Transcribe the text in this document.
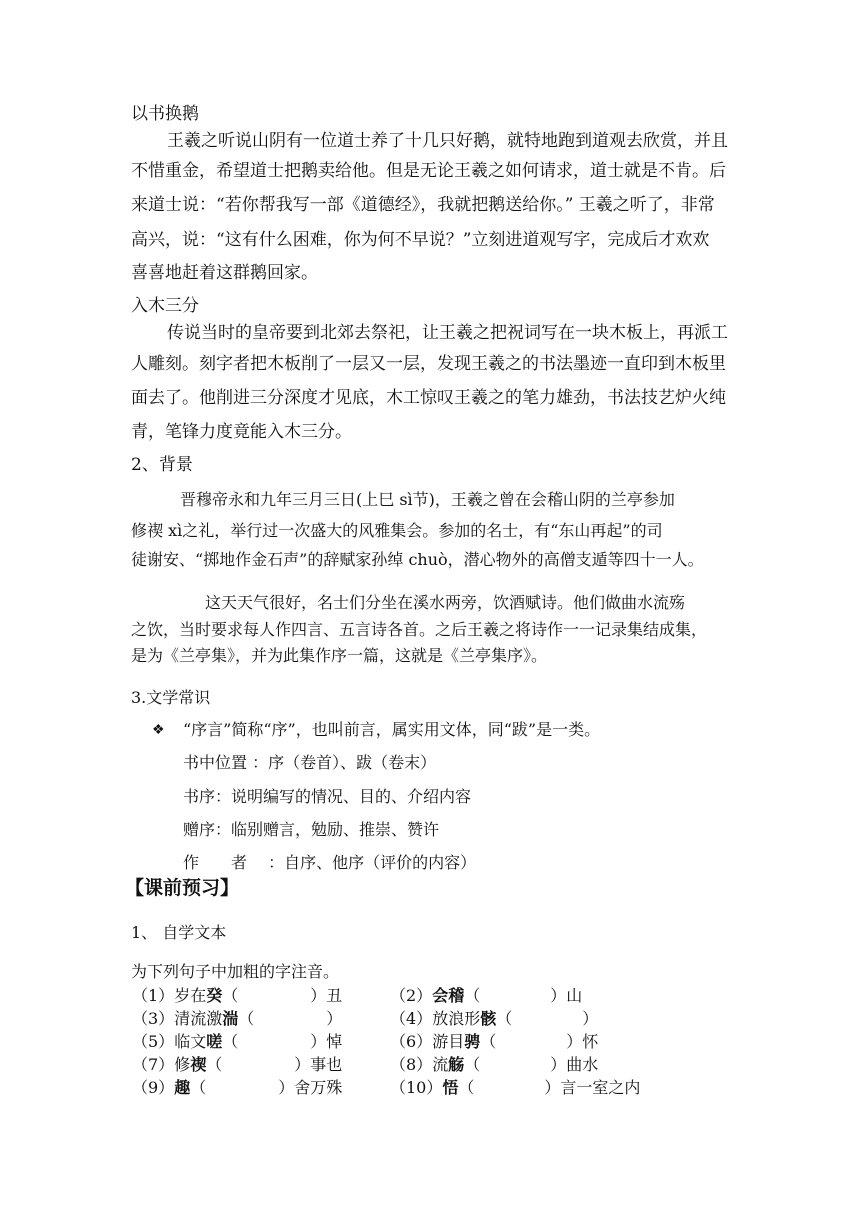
以书换鹅
王羲之听说山阴有一位道士养了十几只好鹅，就特地跑到道观去欣赏，并且
不惜重金，希望道士把鹅卖给他。但是无论王羲之如何请求，道士就是不肯。后
来道士说：“若你帮我写一部《道德经》，我就把鹅送给你。” 王羲之听了，非常
高兴，说：“这有什么困难，你为何不早说？”立刻进道观写字，完成后才欢欢
喜喜地赶着这群鹅回家。
入木三分
传说当时的皇帝要到北郊去祭祀，让王羲之把祝词写在一块木板上，再派工
人雕刻。刻字者把木板削了一层又一层，发现王羲之的书法墨迹一直印到木板里
面去了。他削进三分深度才见底，木工惊叹王羲之的笔力雄劲，书法技艺炉火纯
青，笔锋力度竟能入木三分。
2、背景
晋穆帝永和九年三月三日(上巳 sì节)，王羲之曾在会稽山阴的兰亭参加
修禊 xì之礼，举行过一次盛大的风雅集会。参加的名士，有“东山再起”的司
徒谢安、“掷地作金石声”的辞赋家孙绰 chuò，潜心物外的高僧支遁等四十一人。
这天天气很好，名士们分坐在溪水两旁，饮酒赋诗。他们做曲水流殇
之饮，当时要求每人作四言、五言诗各首。之后王羲之将诗作一一记录集结成集，
是为《兰亭集》，并为此集作序一篇，这就是《兰亭集序》。
3.文学常识
❖ “序言”简称“序”，也叫前言，属实用文体，同“跋”是一类。
书中位置 ：序（卷首）、跋（卷末）
书序：说明编写的情况、目的、介绍内容
赠序：临别赠言，勉励、推崇、赞许
作　　者　 ：自序、他序（评价的内容）
【课前预习】
1、 自学文本
为下列句子中加粗的字注音。
（1）岁在癸（ ）丑	（2）会稽（ ）山
（3）清流激湍（ ）	（4）放浪形骸（ ）
（5）临文嗟（ ）悼	（6）游目骋（ ）怀
（7）修禊（ ）事也	（8）流觞（ ）曲水
（9）趣（ ）舍万殊	（10）悟（ ）言一室之内
